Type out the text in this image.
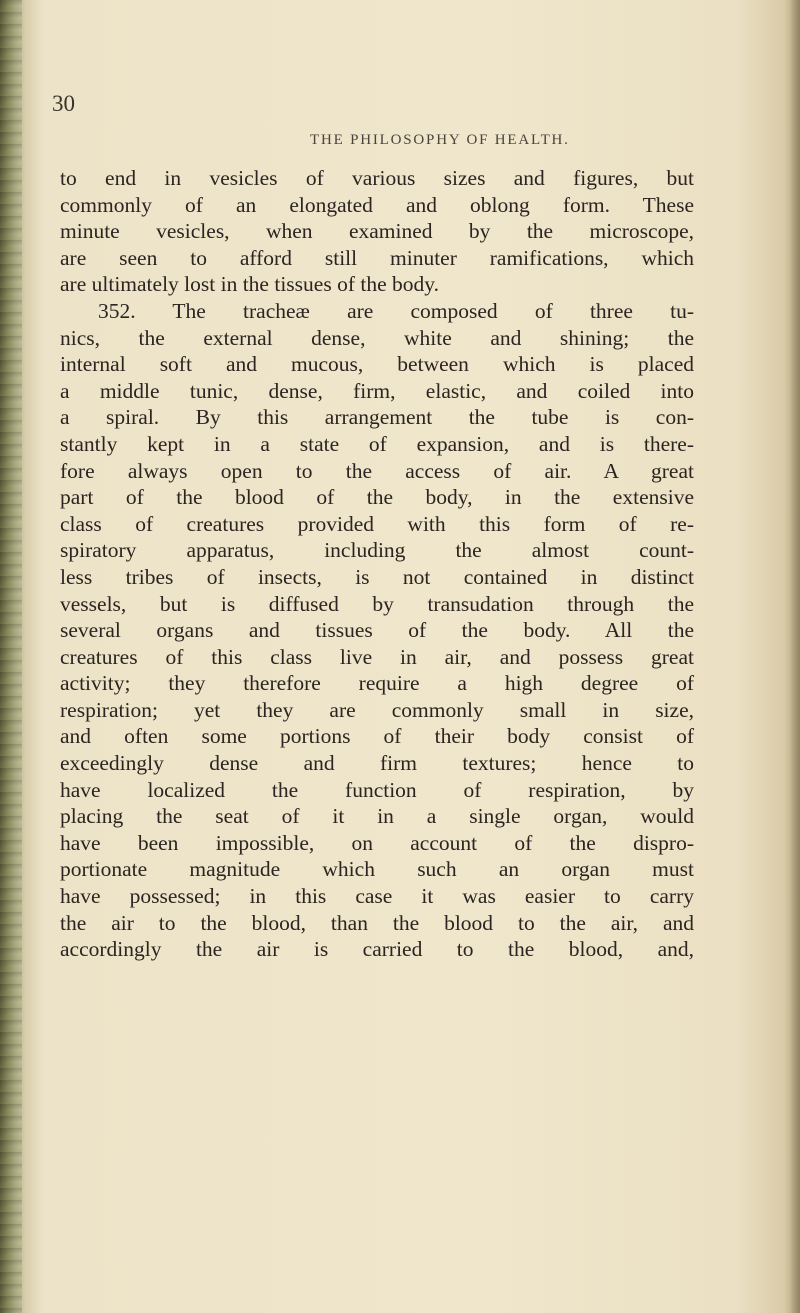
30
THE PHILOSOPHY OF HEALTH.
to end in vesicles of various sizes and figures, but
commonly of an elongated and oblong form. These
minute vesicles, when examined by the microscope,
are seen to afford still minuter ramifications, which
are ultimately lost in the tissues of the body.
352. The tracheæ are composed of three tu-
nics, the external dense, white and shining; the
internal soft and mucous, between which is placed
a middle tunic, dense, firm, elastic, and coiled into
a spiral. By this arrangement the tube is con-
stantly kept in a state of expansion, and is there-
fore always open to the access of air. A great
part of the blood of the body, in the extensive
class of creatures provided with this form of re-
spiratory apparatus, including the almost count-
less tribes of insects, is not contained in distinct
vessels, but is diffused by transudation through the
several organs and tissues of the body. All the
creatures of this class live in air, and possess great
activity; they therefore require a high degree of
respiration; yet they are commonly small in size,
and often some portions of their body consist of
exceedingly dense and firm textures; hence to
have localized the function of respiration, by
placing the seat of it in a single organ, would
have been impossible, on account of the dispro-
portionate magnitude which such an organ must
have possessed; in this case it was easier to carry
the air to the blood, than the blood to the air, and
accordingly the air is carried to the blood, and,
